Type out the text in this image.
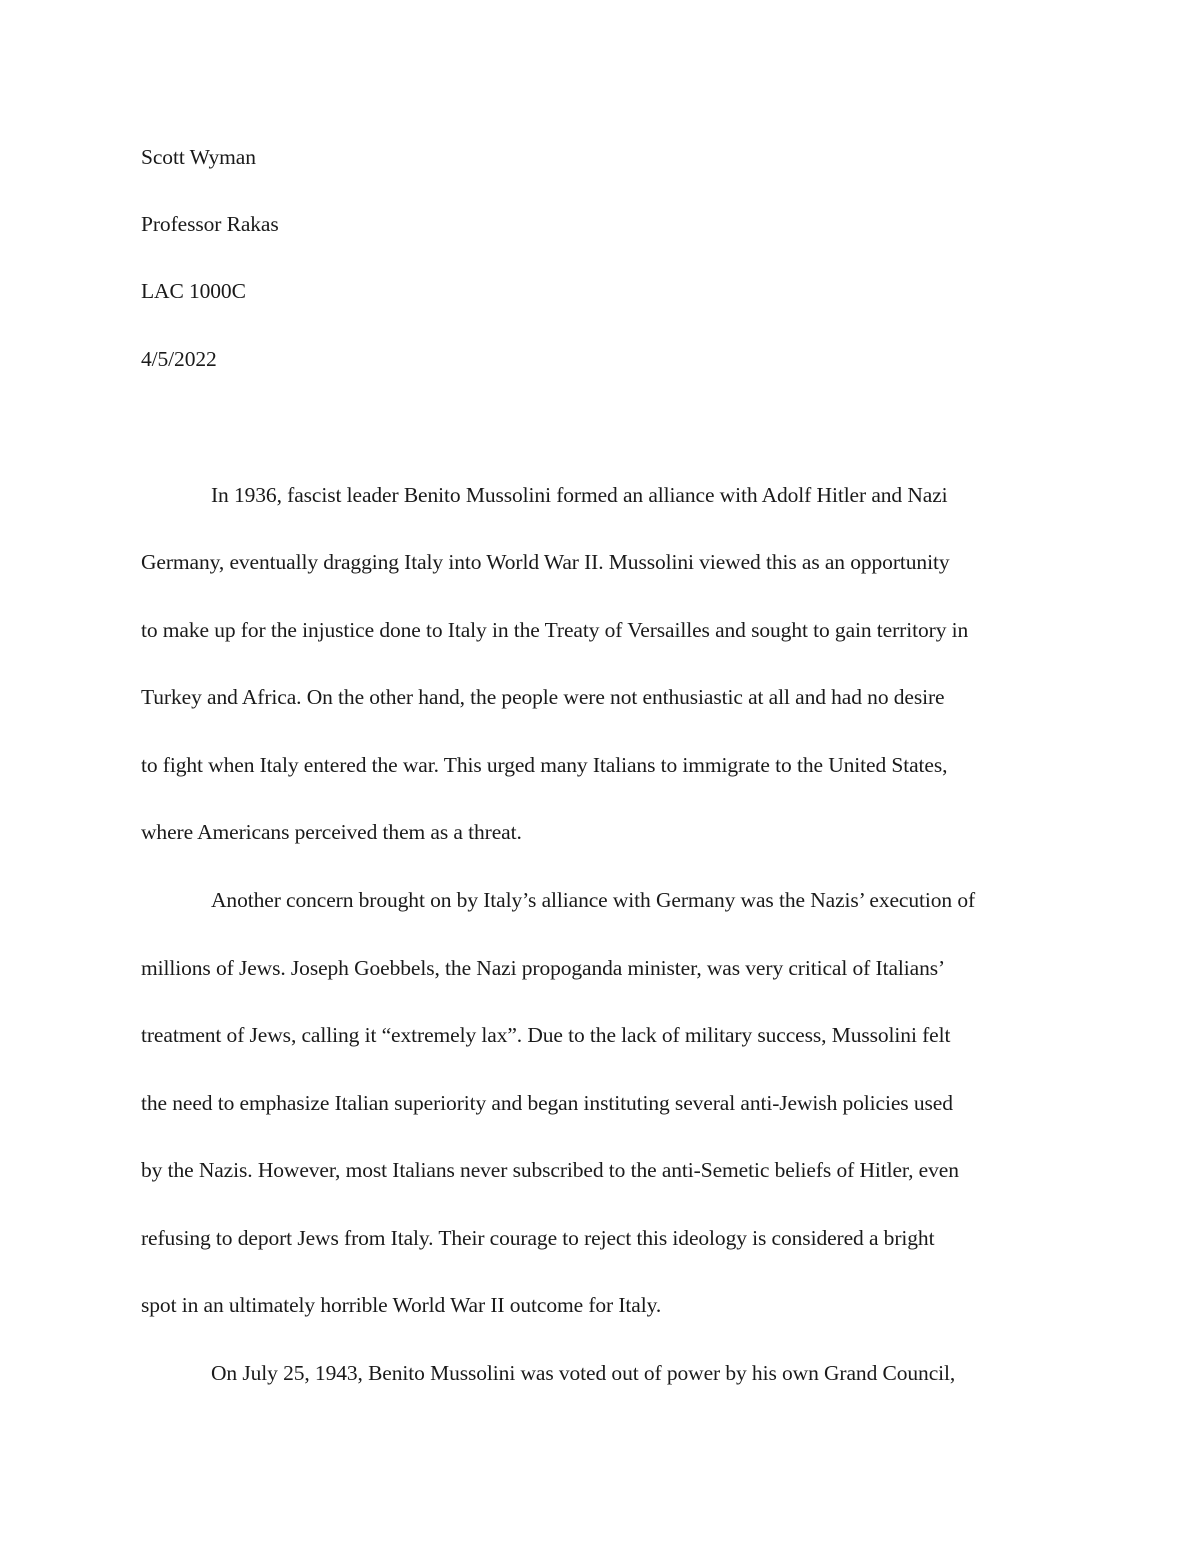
Scott Wyman
Professor Rakas
LAC 1000C
4/5/2022
In 1936, fascist leader Benito Mussolini formed an alliance with Adolf Hitler and Nazi
Germany, eventually dragging Italy into World War II. Mussolini viewed this as an opportunity
to make up for the injustice done to Italy in the Treaty of Versailles and sought to gain territory in
Turkey and Africa. On the other hand, the people were not enthusiastic at all and had no desire
to fight when Italy entered the war. This urged many Italians to immigrate to the United States,
where Americans perceived them as a threat.
Another concern brought on by Italy’s alliance with Germany was the Nazis’ execution of
millions of Jews. Joseph Goebbels, the Nazi propoganda minister, was very critical of Italians’
treatment of Jews, calling it “extremely lax”. Due to the lack of military success, Mussolini felt
the need to emphasize Italian superiority and began instituting several anti-Jewish policies used
by the Nazis. However, most Italians never subscribed to the anti-Semetic beliefs of Hitler, even
refusing to deport Jews from Italy. Their courage to reject this ideology is considered a bright
spot in an ultimately horrible World War II outcome for Italy.
On July 25, 1943, Benito Mussolini was voted out of power by his own Grand Council,
